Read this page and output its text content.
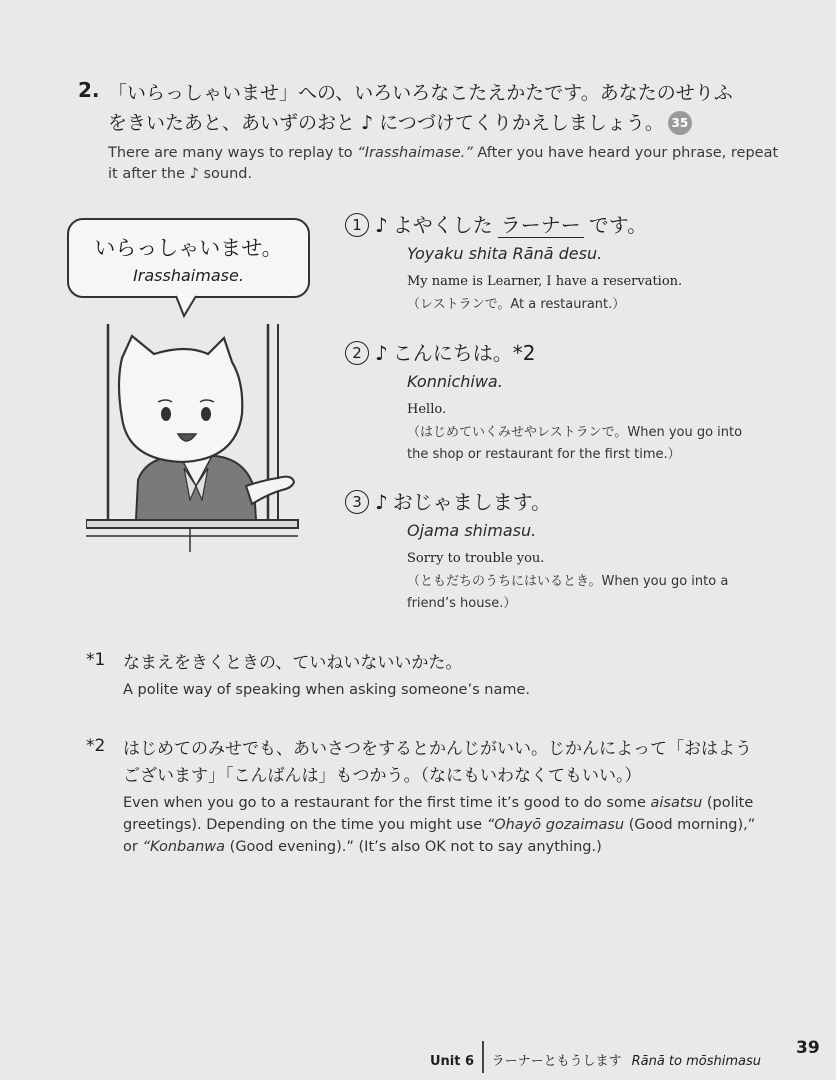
2. 「いらっしゃいませ」への、いろいろなこたえかたです。あなたのせりふ
をきいたあと、あいずのおと ♪ につづけてくりかえしましょう。 35
There are many ways to replay to “Irasshaimase.” After you have heard your phrase, repeat it after the ♪ sound.
いらっしゃいませ。
Irasshaimase.
1 ♪ よやくした ラーナー です。
Yoyaku shita Rānā desu.
My name is Learner, I have a reservation.
（レストランで。At a restaurant.）
2 ♪ こんにちは。*2
Konnichiwa.
Hello.
（はじめていくみせやレストランで。When you go into the shop or restaurant for the first time.）
3 ♪ おじゃまします。
Ojama shimasu.
Sorry to trouble you.
（ともだちのうちにはいるとき。When you go into a friend’s house.）
*1 なまえをきくときの、ていねいないいかた。
A polite way of speaking when asking someone’s name.
*2 はじめてのみせでも、あいさつをするとかんじがいい。じかんによって「おはようございます」「こんばんは」もつかう。（なにもいわなくてもいい。）
Even when you go to a restaurant for the first time it’s good to do some aisatsu (polite greetings). Depending on the time you might use “Ohayō gozaimasu (Good morning),” or “Konbanwa (Good evening).” (It’s also OK not to say anything.)
Unit 6 ラーナーともうします Rānā to mōshimasu
39
